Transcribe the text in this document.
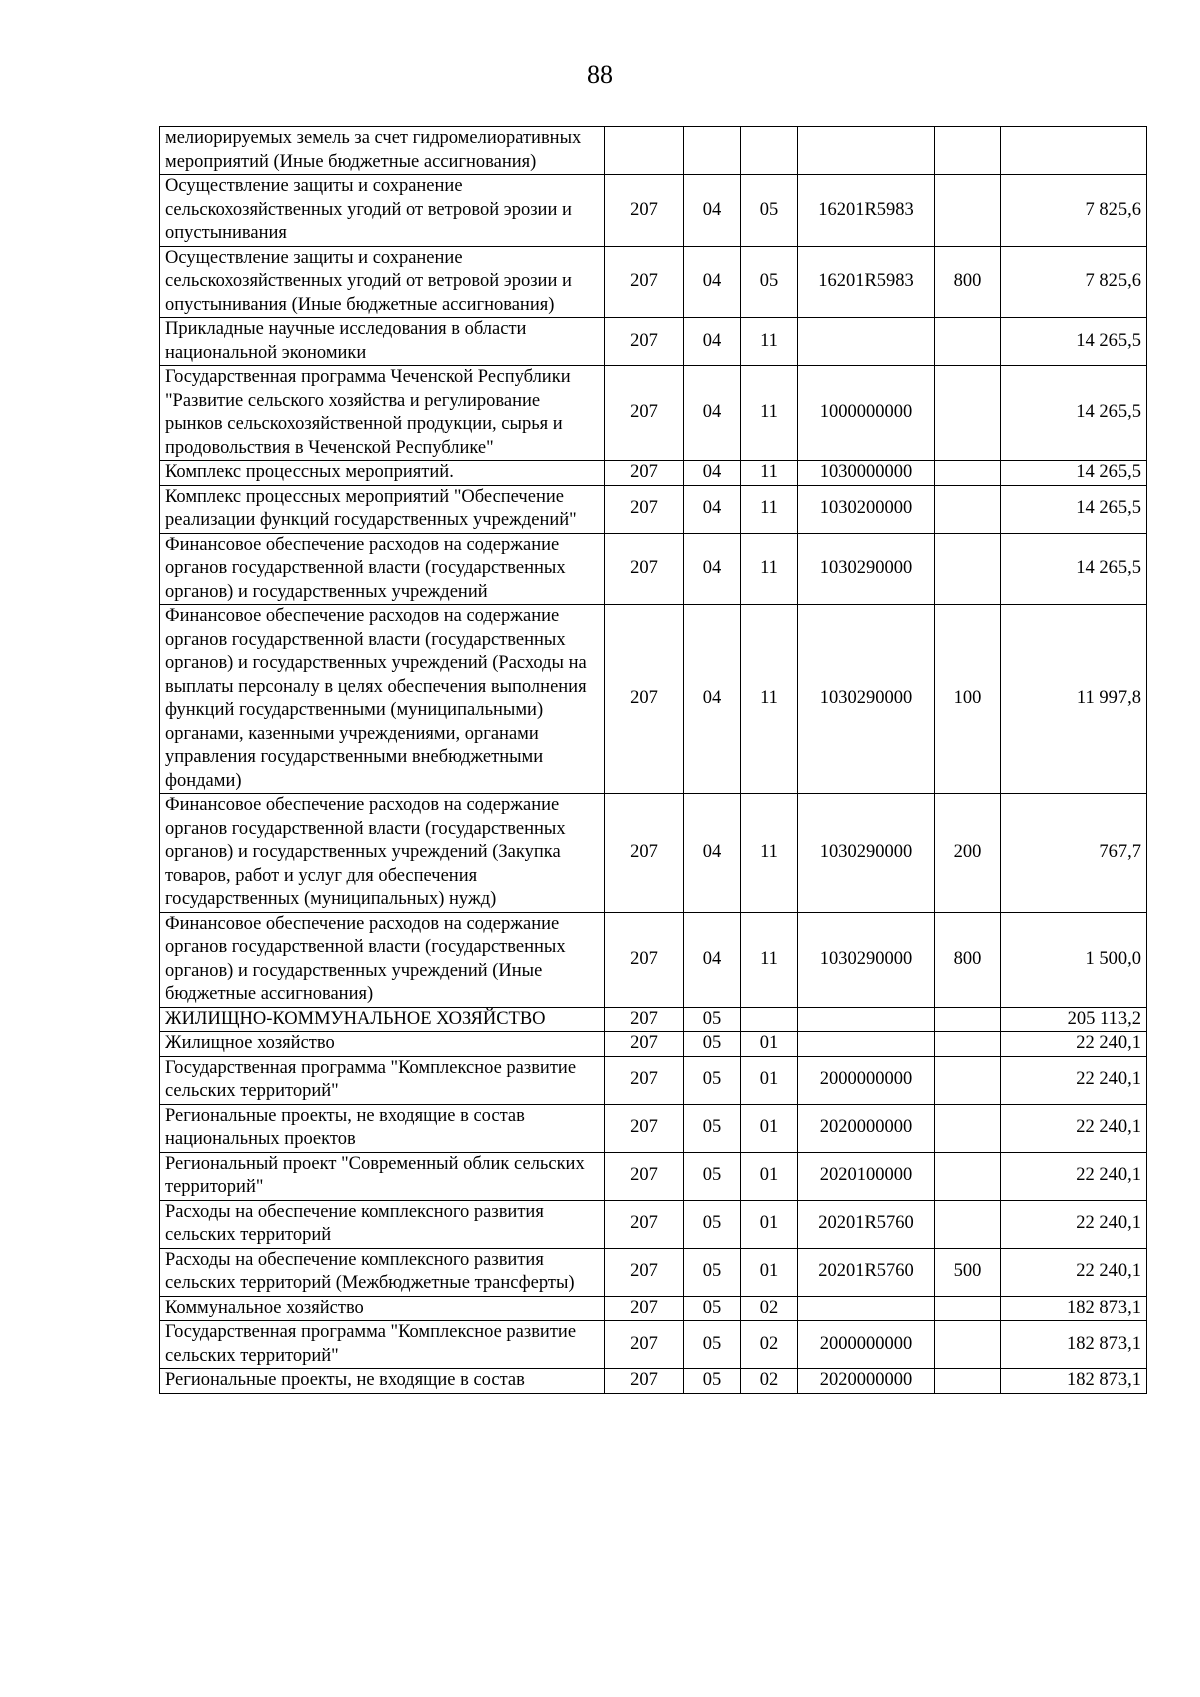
88
мелиорируемых земель за счет гидромелиоративных мероприятий (Иные бюджетные ассигнования)						
Осуществление защиты и сохранение сельскохозяйственных угодий от ветровой эрозии и опустынивания	207	04	05	16201R5983		7 825,6
Осуществление защиты и сохранение сельскохозяйственных угодий от ветровой эрозии и опустынивания (Иные бюджетные ассигнования)	207	04	05	16201R5983	800	7 825,6
Прикладные научные исследования в области национальной экономики	207	04	11			14 265,5
Государственная программа Чеченской Республики "Развитие сельского хозяйства и регулирование рынков сельскохозяйственной продукции, сырья и продовольствия в Чеченской Республике"	207	04	11	1000000000		14 265,5
Комплекс процессных мероприятий.	207	04	11	1030000000		14 265,5
Комплекс процессных мероприятий "Обеспечение реализации функций государственных учреждений"	207	04	11	1030200000		14 265,5
Финансовое обеспечение расходов на содержание органов государственной власти (государственных органов) и государственных учреждений	207	04	11	1030290000		14 265,5
Финансовое обеспечение расходов на содержание органов государственной власти (государственных органов) и государственных учреждений (Расходы на выплаты персоналу в целях обеспечения выполнения функций государственными (муниципальными) органами, казенными учреждениями, органами управления государственными внебюджетными фондами)	207	04	11	1030290000	100	11 997,8
Финансовое обеспечение расходов на содержание органов государственной власти (государственных органов) и государственных учреждений (Закупка товаров, работ и услуг для обеспечения государственных (муниципальных) нужд)	207	04	11	1030290000	200	767,7
Финансовое обеспечение расходов на содержание органов государственной власти (государственных органов) и государственных учреждений (Иные бюджетные ассигнования)	207	04	11	1030290000	800	1 500,0
ЖИЛИЩНО-КОММУНАЛЬНОЕ ХОЗЯЙСТВО	207	05				205 113,2
Жилищное хозяйство	207	05	01			22 240,1
Государственная программа "Комплексное развитие сельских территорий"	207	05	01	2000000000		22 240,1
Региональные проекты, не входящие в состав национальных проектов	207	05	01	2020000000		22 240,1
Региональный проект "Современный облик сельских территорий"	207	05	01	2020100000		22 240,1
Расходы на обеспечение комплексного развития сельских территорий	207	05	01	20201R5760		22 240,1
Расходы на обеспечение комплексного развития сельских территорий (Межбюджетные трансферты)	207	05	01	20201R5760	500	22 240,1
Коммунальное хозяйство	207	05	02			182 873,1
Государственная программа "Комплексное развитие сельских территорий"	207	05	02	2000000000		182 873,1
Региональные проекты, не входящие в состав	207	05	02	2020000000		182 873,1
